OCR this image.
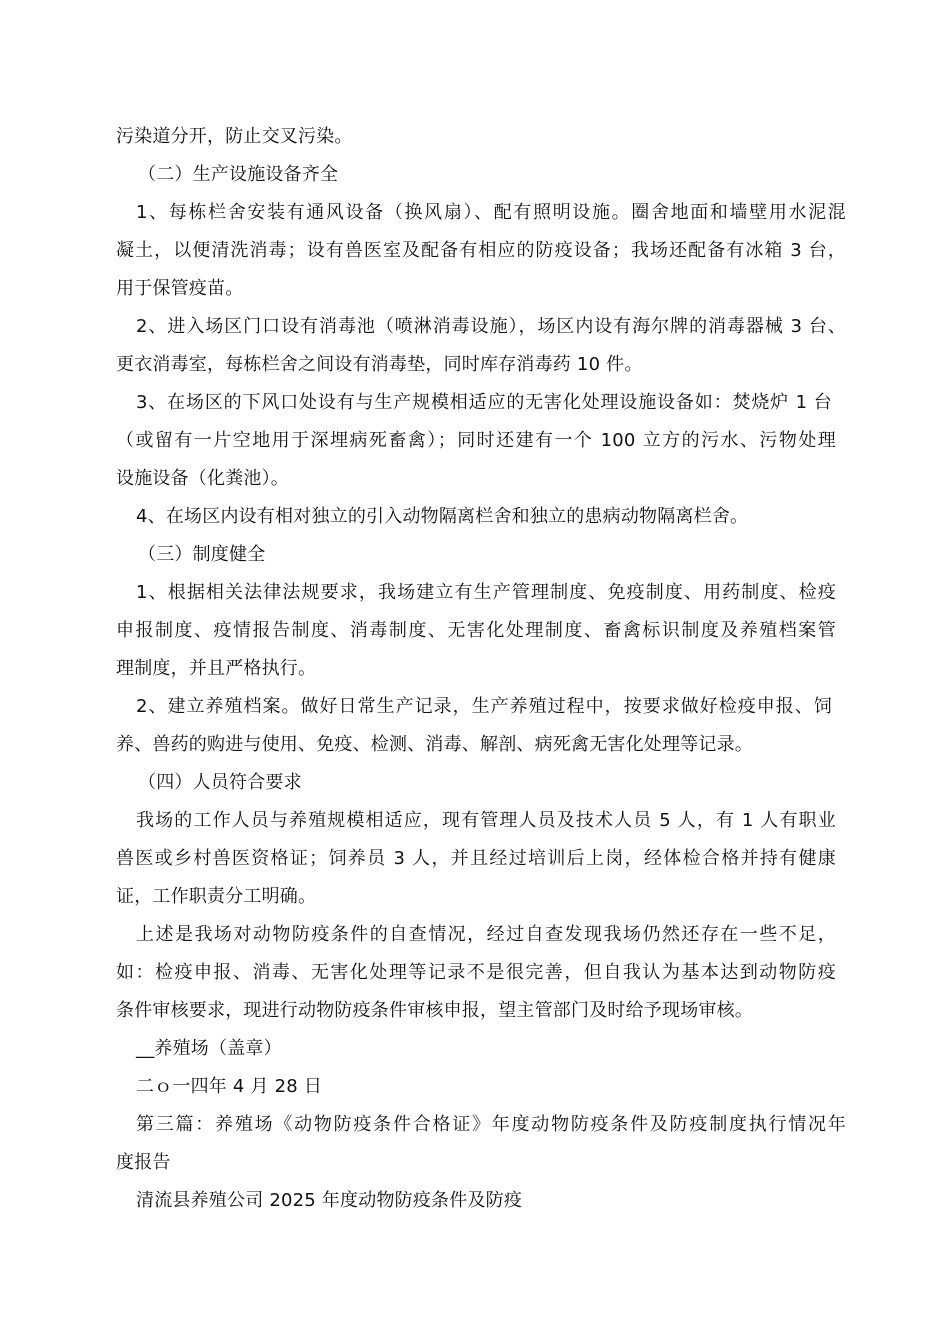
污染道分开，防止交叉污染。
（二）生产设施设备齐全
1、每栋栏舍安装有通风设备（换风扇）、配有照明设施。圈舍地面和墙壁用水泥混
凝土，以便清洗消毒；设有兽医室及配备有相应的防疫设备；我场还配备有冰箱 3 台，
用于保管疫苗。
2、进入场区门口设有消毒池（喷淋消毒设施），场区内设有海尔牌的消毒器械 3 台、
更衣消毒室，每栋栏舍之间设有消毒垫，同时库存消毒药 10 件。
3、在场区的下风口处设有与生产规模相适应的无害化处理设施设备如：焚烧炉 1 台
（或留有一片空地用于深埋病死畜禽）；同时还建有一个 100 立方的污水、污物处理
设施设备（化粪池）。
4、在场区内设有相对独立的引入动物隔离栏舍和独立的患病动物隔离栏舍。
（三）制度健全
1、根据相关法律法规要求，我场建立有生产管理制度、免疫制度、用药制度、检疫
申报制度、疫情报告制度、消毒制度、无害化处理制度、畜禽标识制度及养殖档案管
理制度，并且严格执行。
2、建立养殖档案。做好日常生产记录，生产养殖过程中，按要求做好检疫申报、饲
养、兽药的购进与使用、免疫、检测、消毒、解剖、病死禽无害化处理等记录。
（四）人员符合要求
我场的工作人员与养殖规模相适应，现有管理人员及技术人员 5 人，有 1 人有职业
兽医或乡村兽医资格证；饲养员 3 人，并且经过培训后上岗，经体检合格并持有健康
证，工作职责分工明确。
上述是我场对动物防疫条件的自查情况，经过自查发现我场仍然还存在一些不足，
如：检疫申报、消毒、无害化处理等记录不是很完善，但自我认为基本达到动物防疫
条件审核要求，现进行动物防疫条件审核申报，望主管部门及时给予现场审核。
__养殖场（盖章）
二ｏ一四年 4 月 28 日
第三篇：养殖场《动物防疫条件合格证》年度动物防疫条件及防疫制度执行情况年
度报告
清流县养殖公司 2025 年度动物防疫条件及防疫
